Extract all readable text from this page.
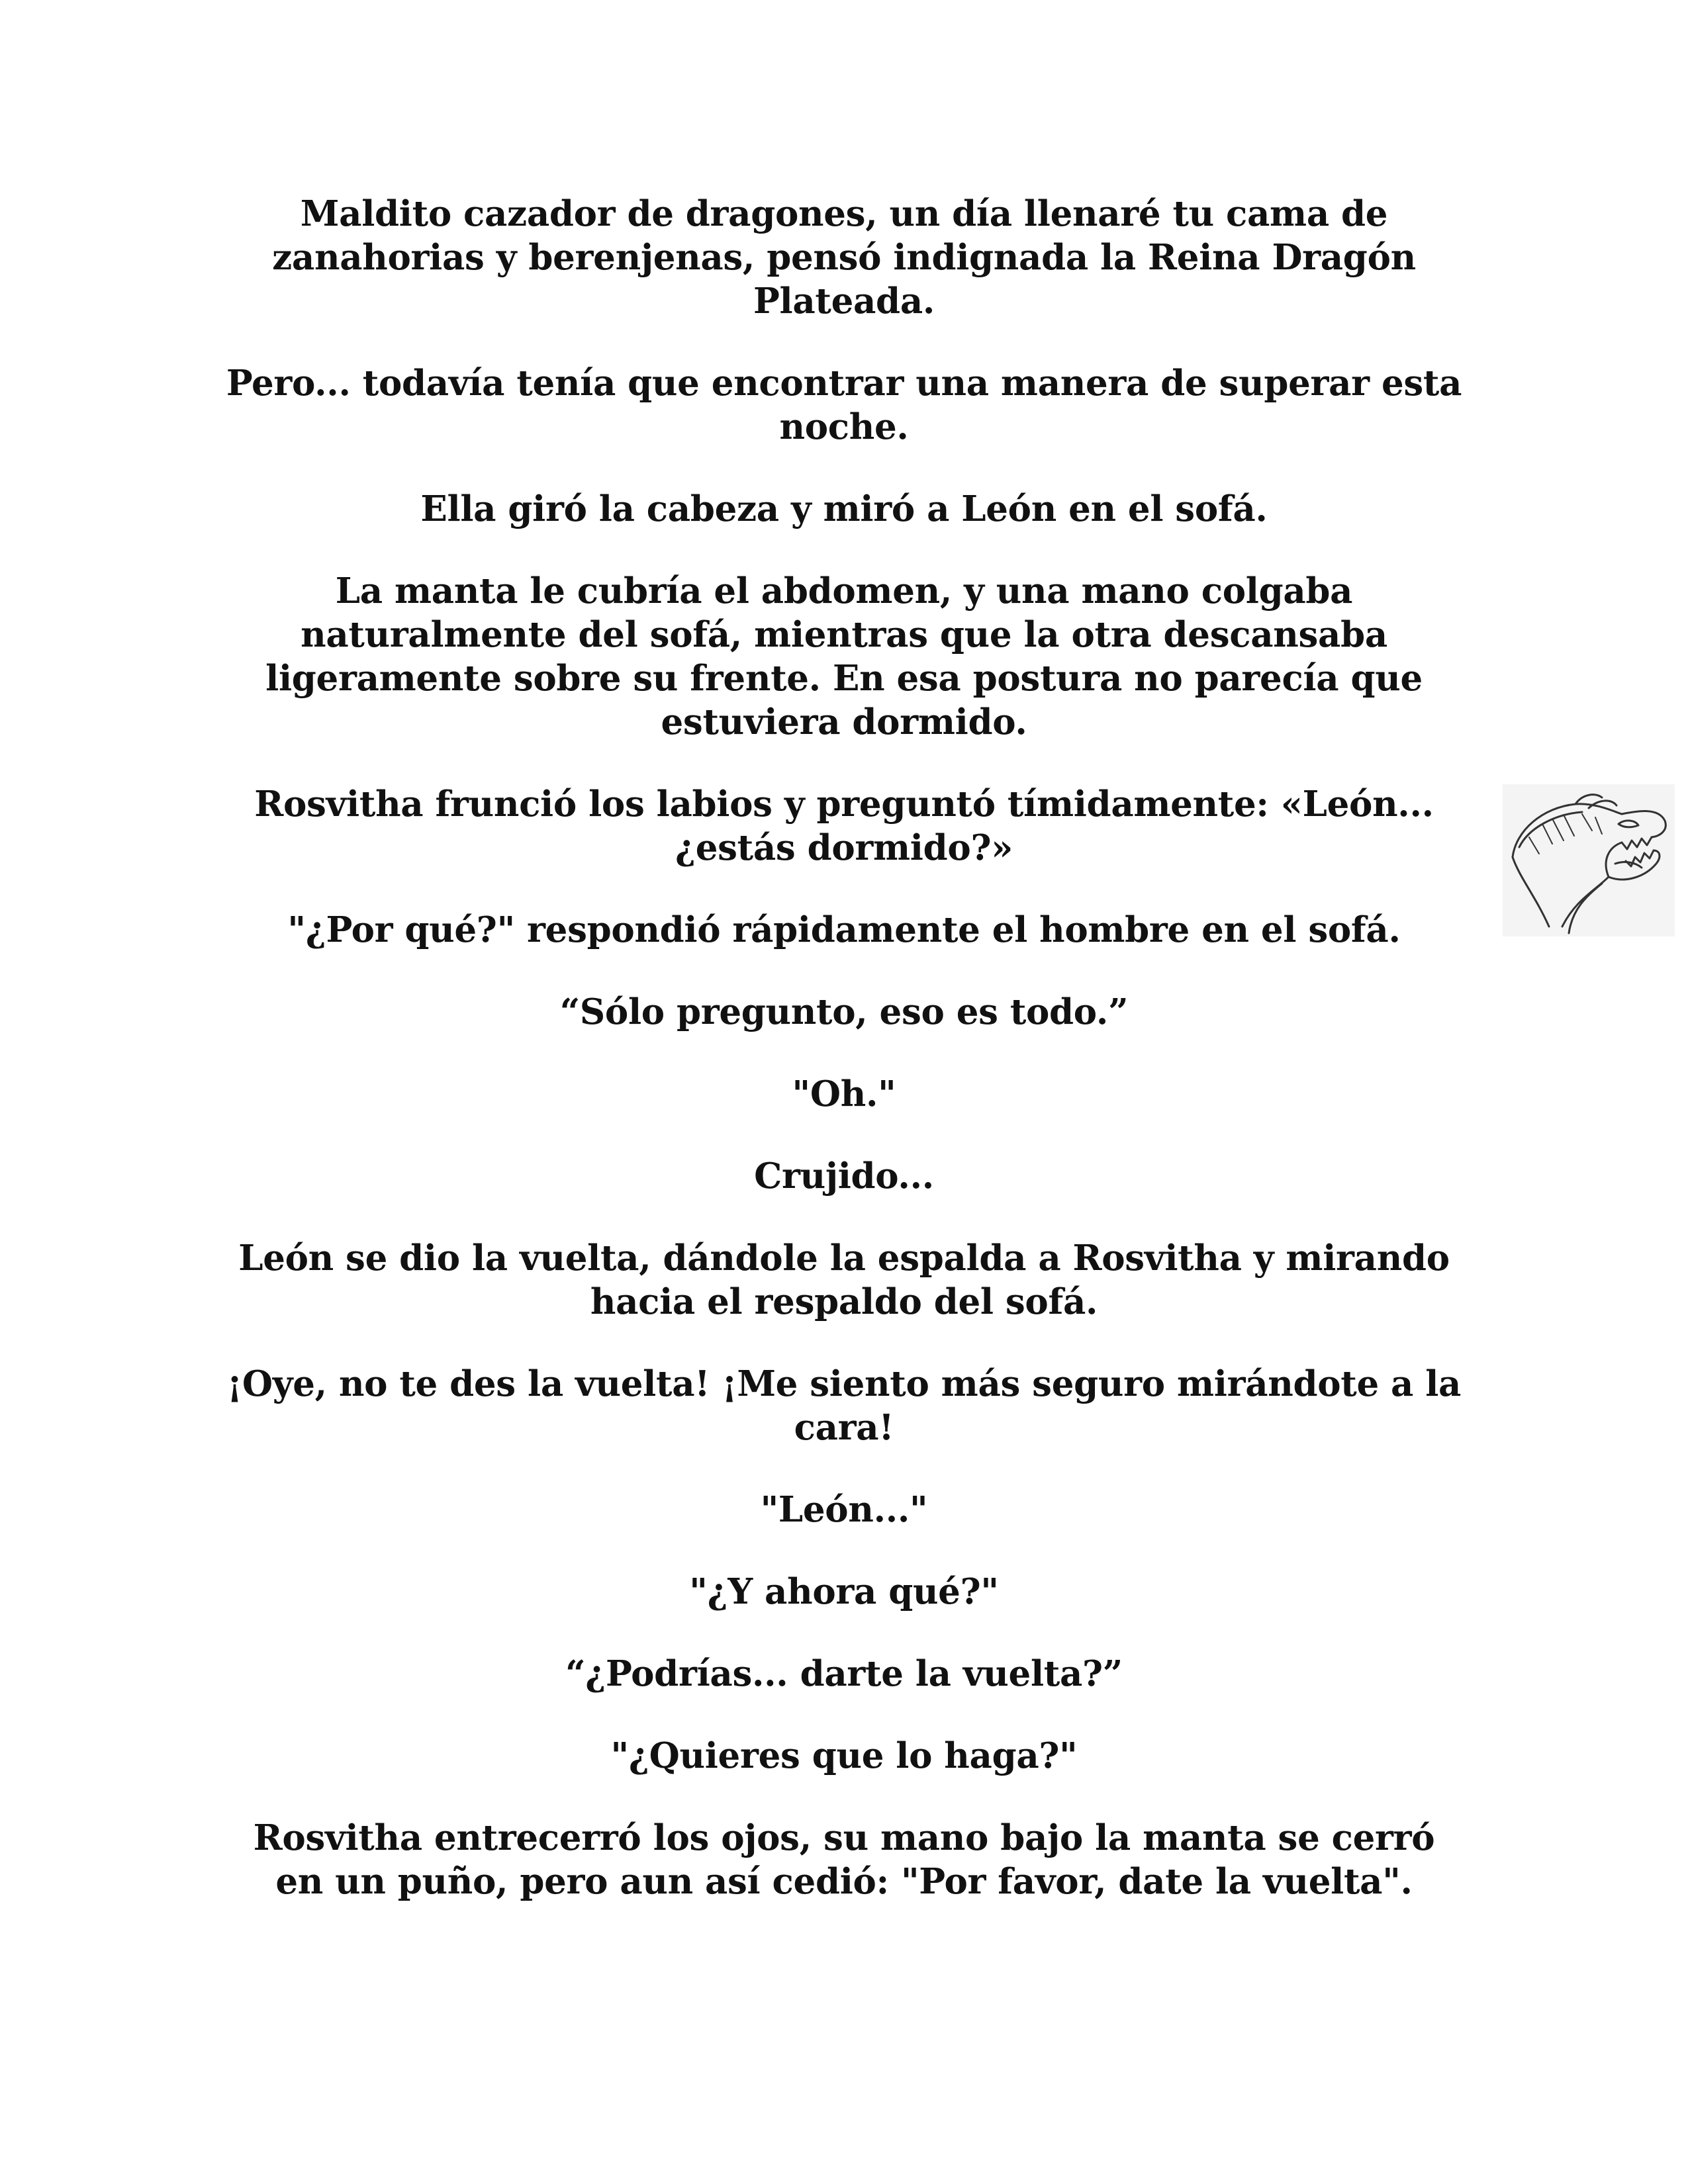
Maldito cazador de dragones, un día llenaré tu cama de zanahorias y berenjenas, pensó indignada la Reina Dragón Plateada.

Pero... todavía tenía que encontrar una manera de superar esta noche.

Ella giró la cabeza y miró a León en el sofá.

La manta le cubría el abdomen, y una mano colgaba naturalmente del sofá, mientras que la otra descansaba ligeramente sobre su frente. En esa postura no parecía que estuviera dormido.

Rosvitha frunció los labios y preguntó tímidamente: «León... ¿estás dormido?»

"¿Por qué?" respondió rápidamente el hombre en el sofá.

“Sólo pregunto, eso es todo.”

"Oh."

Crujido...

León se dio la vuelta, dándole la espalda a Rosvitha y mirando hacia el respaldo del sofá.

¡Oye, no te des la vuelta! ¡Me siento más seguro mirándote a la cara!

"León..."

"¿Y ahora qué?"

“¿Podrías... darte la vuelta?”

"¿Quieres que lo haga?"

Rosvitha entrecerró los ojos, su mano bajo la manta se cerró en un puño, pero aun así cedió: "Por favor, date la vuelta".
